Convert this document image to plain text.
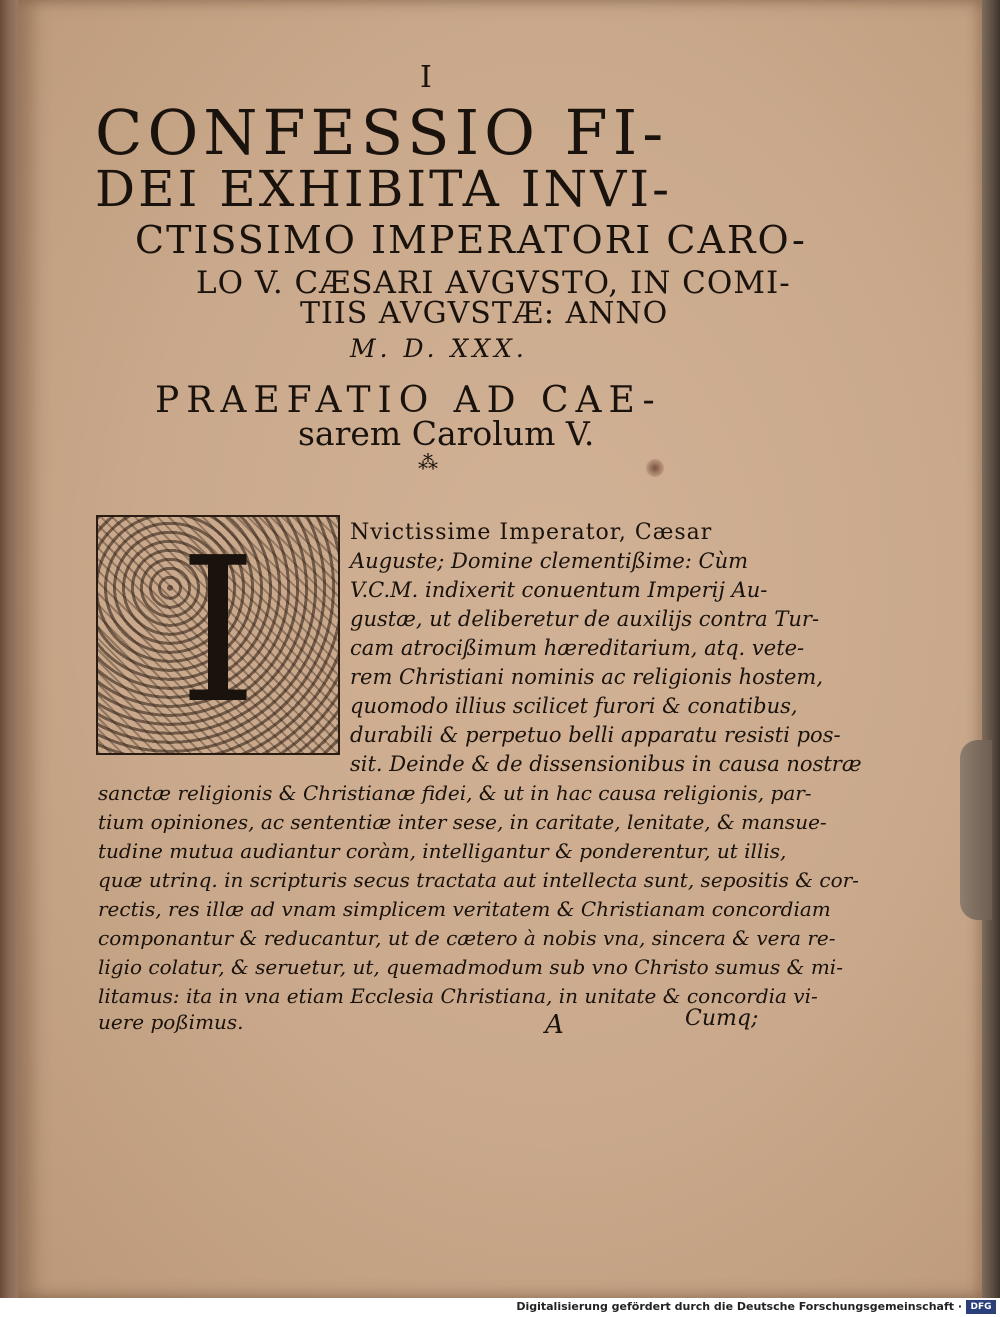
I

CONFESSIO FI-

DEI EXHIBITA INVI-

CTISSIMO IMPERATORI CARO-

LO V. CÆSARI AVGVSTO, IN COMI-

TIIS AVGVSTÆ: ANNO

M. D. XXX.

PRAEFATIO AD CAE-

sarem Carolum V.

⁂

I	Nvictissime Imperator, Cæsar

Auguste; Domine clementißime: Cùm

V.C.M. indixerit conuentum Imperij Au-

gustæ, ut deliberetur de auxilijs contra Tur-

cam atrocißimum hæreditarium, atq. vete-

rem Christiani nominis ac religionis hostem,

quomodo illius scilicet furori & conatibus,

durabili & perpetuo belli apparatu resisti pos-

sit. Deinde & de dissensionibus in causa nostræ

sanctæ religionis & Christianæ fidei, & ut in hac causa religionis, par-

tium opiniones, ac sententiæ inter sese, in caritate, lenitate, & mansue-

tudine mutua audiantur coràm, intelligantur & ponderentur, ut illis,

quæ utrinq. in scripturis secus tractata aut intellecta sunt, sepositis & cor-

rectis, res illæ ad vnam simplicem veritatem & Christianam concordiam

componantur & reducantur, ut de cætero à nobis vna, sincera & vera re-

ligio colatur, & seruetur, ut, quemadmodum sub vno Christo sumus & mi-

litamus: ita in vna etiam Ecclesia Christiana, in unitate & concordia vi-

uere poßimus.	A	Cumq;

Digitalisierung gefördert durch die Deutsche Forschungsgemeinschaft · DFG
